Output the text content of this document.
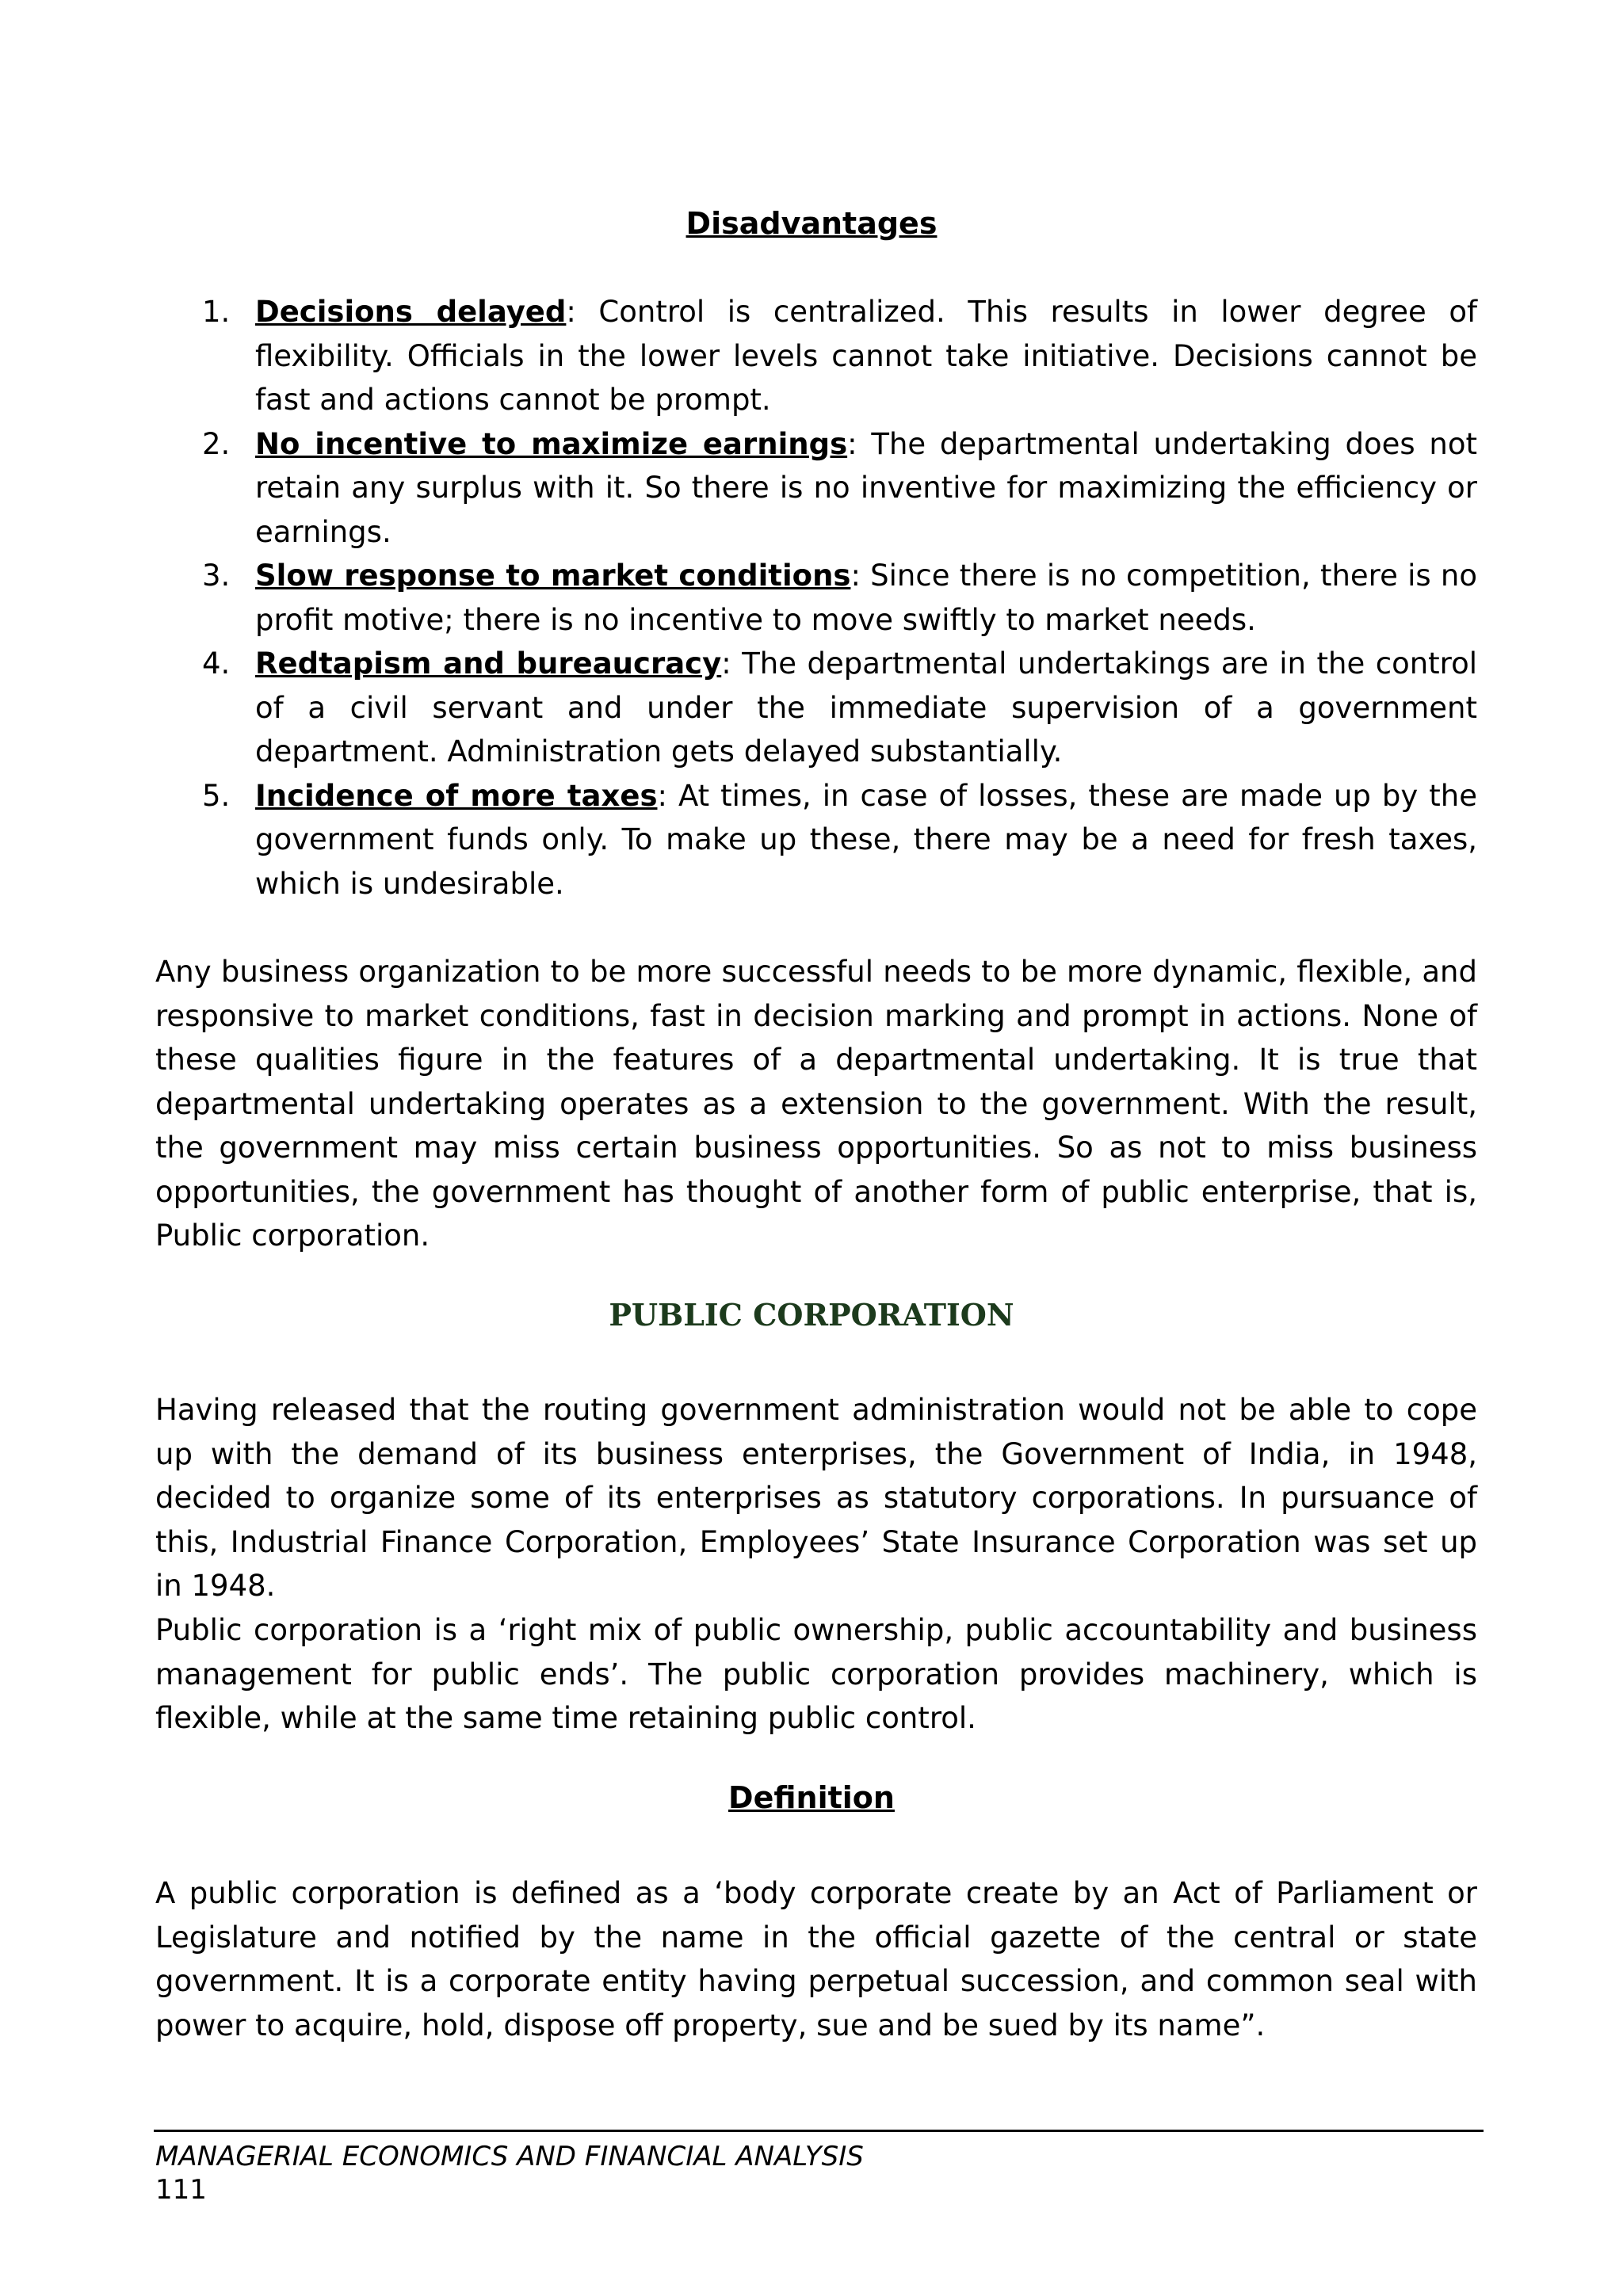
Disadvantages
1. Decisions delayed: Control is centralized. This results in lower degree of flexibility. Officials in the lower levels cannot take initiative. Decisions cannot be fast and actions cannot be prompt.
2. No incentive to maximize earnings: The departmental undertaking does not retain any surplus with it. So there is no inventive for maximizing the efficiency or earnings.
3. Slow response to market conditions: Since there is no competition, there is no profit motive; there is no incentive to move swiftly to market needs.
4. Redtapism and bureaucracy: The departmental undertakings are in the control of a civil servant and under the immediate supervision of a government department. Administration gets delayed substantially.
5. Incidence of more taxes: At times, in case of losses, these are made up by the government funds only. To make up these, there may be a need for fresh taxes, which is undesirable.

Any business organization to be more successful needs to be more dynamic, flexible, and responsive to market conditions, fast in decision marking and prompt in actions. None of these qualities figure in the features of a departmental undertaking. It is true that departmental undertaking operates as a extension to the government. With the result, the government may miss certain business opportunities. So as not to miss business opportunities, the government has thought of another form of public enterprise, that is, Public corporation.

PUBLIC CORPORATION

Having released that the routing government administration would not be able to cope up with the demand of its business enterprises, the Government of India, in 1948, decided to organize some of its enterprises as statutory corporations. In pursuance of this, Industrial Finance Corporation, Employees’ State Insurance Corporation was set up in 1948.

Public corporation is a ‘right mix of public ownership, public accountability and business management for public ends’. The public corporation provides machinery, which is flexible, while at the same time retaining public control.

Definition

A public corporation is defined as a ‘body corporate create by an Act of Parliament or Legislature and notified by the name in the official gazette of the central or state government. It is a corporate entity having perpetual succession, and common seal with power to acquire, hold, dispose off property, sue and be sued by its name”.

MANAGERIAL ECONOMICS AND FINANCIAL ANALYSIS
111
